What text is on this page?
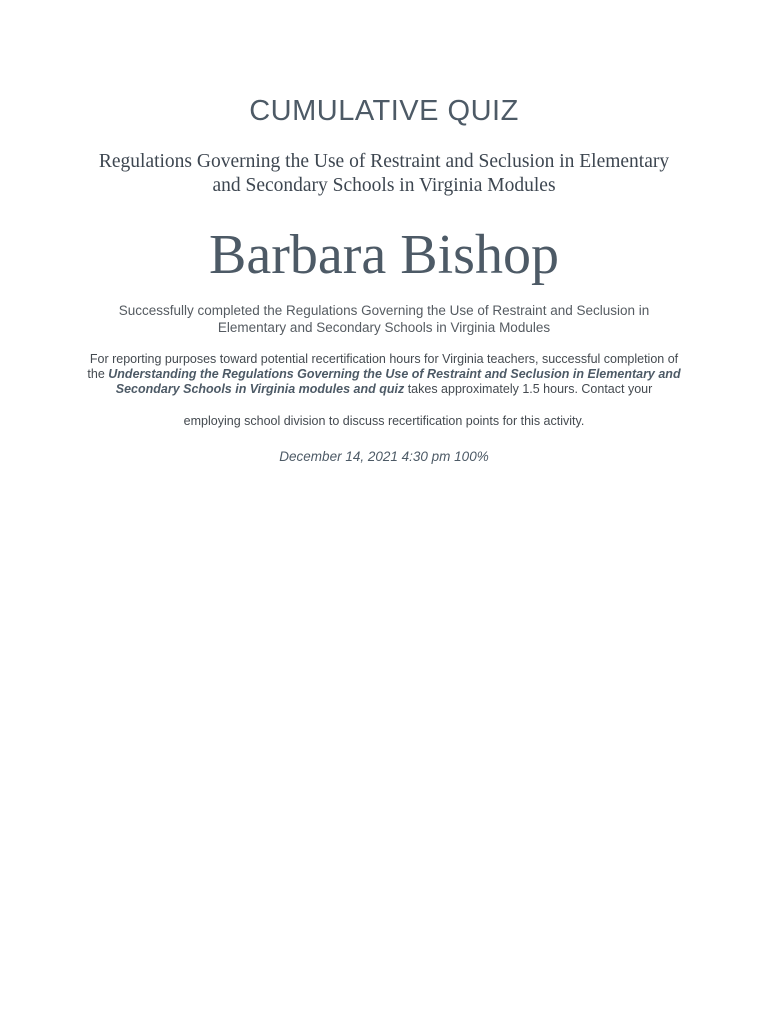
CUMULATIVE QUIZ
Regulations Governing the Use of Restraint and Seclusion in Elementary and Secondary Schools in Virginia Modules
Barbara Bishop
Successfully completed the Regulations Governing the Use of Restraint and Seclusion in Elementary and Secondary Schools in Virginia Modules
For reporting purposes toward potential recertification hours for Virginia teachers, successful completion of the Understanding the Regulations Governing the Use of Restraint and Seclusion in Elementary and Secondary Schools in Virginia modules and quiz takes approximately 1.5 hours. Contact your
employing school division to discuss recertification points for this activity.
December 14, 2021 4:30 pm 100%
